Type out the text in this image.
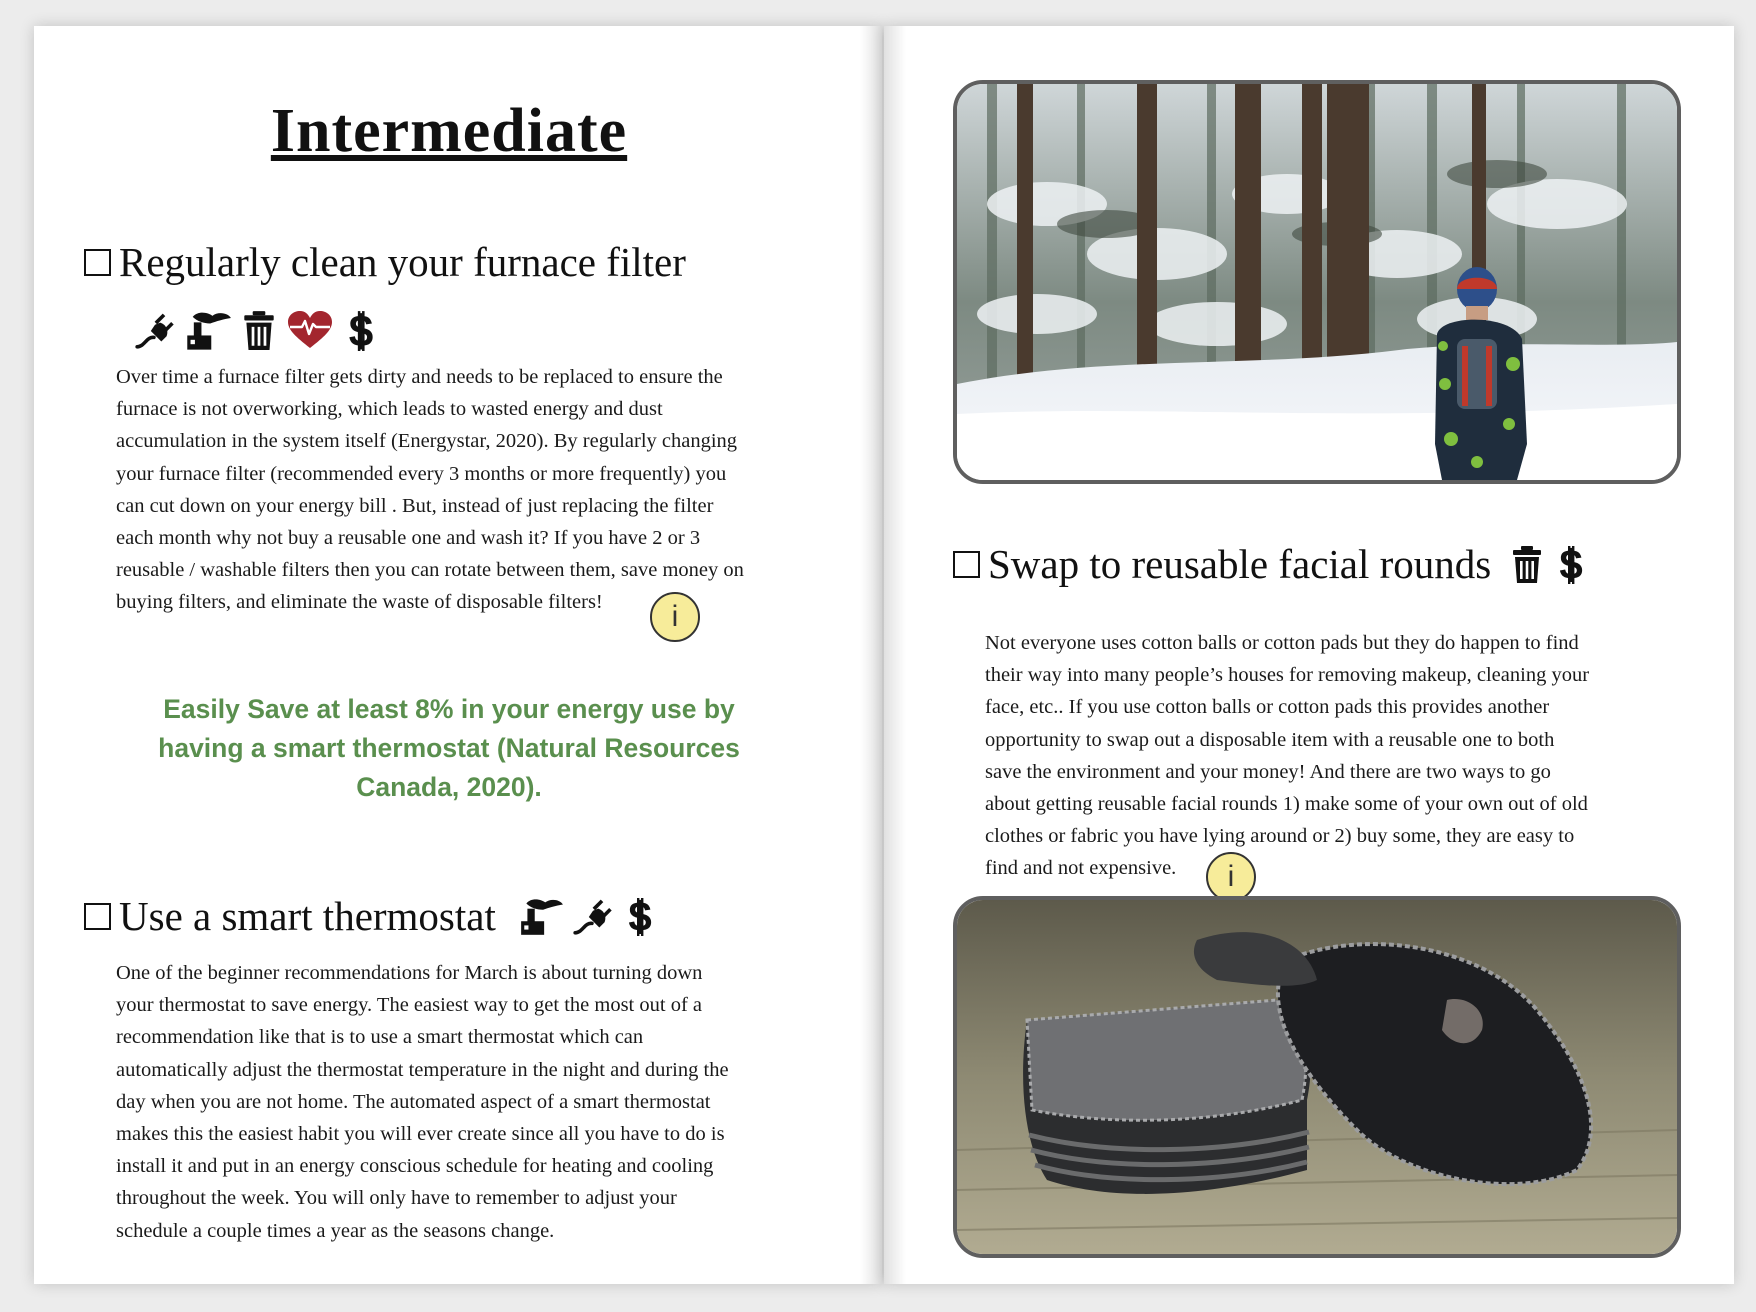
Intermediate
Regularly clean your furnace filter
Over time a furnace filter gets dirty and needs to be replaced to ensure the
furnace is not overworking, which leads to wasted energy and dust
accumulation in the system itself (Energystar, 2020). By regularly changing
your furnace filter (recommended every 3 months or more frequently) you
can cut down on your energy bill . But, instead of just replacing the filter
each month why not buy a reusable one and wash it? If you have 2 or 3
reusable / washable filters then you can rotate between them, save money on
buying filters, and eliminate the waste of disposable filters!	i
Easily Save at least 8% in your energy use by
having a smart thermostat (Natural Resources
Canada, 2020).
Use a smart thermostat
One of the beginner recommendations for March is about turning down
your thermostat to save energy. The easiest way to get the most out of a
recommendation like that is to use a smart thermostat which can
automatically adjust the thermostat temperature in the night and during the
day when you are not home. The automated aspect of a smart thermostat
makes this the easiest habit you will ever create since all you have to do is
install it and put in an energy conscious schedule for heating and cooling
throughout the week. You will only have to remember to adjust your
schedule a couple times a year as the seasons change.
Swap to reusable facial rounds
Not everyone uses cotton balls or cotton pads but they do happen to find
their way into many people’s houses for removing makeup, cleaning your
face, etc.. If you use cotton balls or cotton pads this provides another
opportunity to swap out a disposable item with a reusable one to both
save the environment and your money! And there are two ways to go
about getting reusable facial rounds 1) make some of your own out of old
clothes or fabric you have lying around or 2) buy some, they are easy to
find and not expensive.	i
